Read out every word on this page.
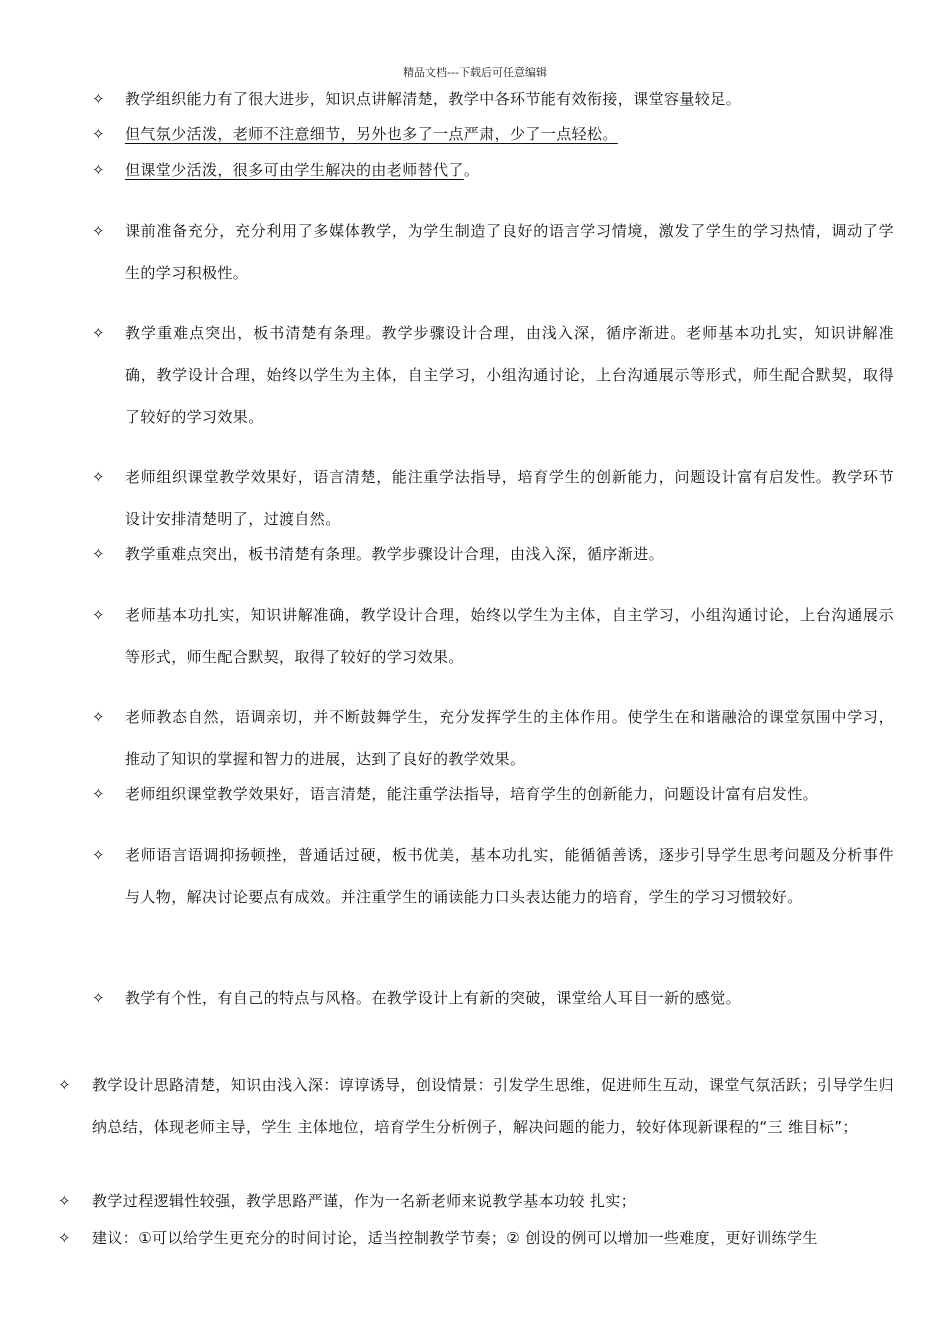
精品文档---下载后可任意编辑
✧ 教学组织能力有了很大进步，知识点讲解清楚，教学中各环节能有效衔接，课堂容量较足。

✧ 但气氛少活泼，老师不注意细节，另外也多了一点严肃，少了一点轻松。

✧ 但课堂少活泼，很多可由学生解决的由老师替代了。

✧ 课前准备充分，充分利用了多媒体教学，为学生制造了良好的语言学习情境，激发了学生的学习热情，调动了学生的学习积极性。

✧ 教学重难点突出，板书清楚有条理。教学步骤设计合理，由浅入深，循序渐进。老师基本功扎实，知识讲解准确，教学设计合理，始终以学生为主体，自主学习，小组沟通讨论，上台沟通展示等形式，师生配合默契，取得了较好的学习效果。

✧ 老师组织课堂教学效果好，语言清楚，能注重学法指导，培育学生的创新能力，问题设计富有启发性。教学环节设计安排清楚明了，过渡自然。

✧ 教学重难点突出，板书清楚有条理。教学步骤设计合理，由浅入深，循序渐进。

✧ 老师基本功扎实，知识讲解准确，教学设计合理，始终以学生为主体，自主学习，小组沟通讨论，上台沟通展示等形式，师生配合默契，取得了较好的学习效果。

✧ 老师教态自然，语调亲切，并不断鼓舞学生，充分发挥学生的主体作用。使学生在和谐融洽的课堂氛围中学习，推动了知识的掌握和智力的进展，达到了良好的教学效果。

✧ 老师组织课堂教学效果好，语言清楚，能注重学法指导，培育学生的创新能力，问题设计富有启发性。

✧ 老师语言语调抑扬顿挫，普通话过硬，板书优美，基本功扎实，能循循善诱，逐步引导学生思考问题及分析事件与人物，解决讨论要点有成效。并注重学生的诵读能力口头表达能力的培育，学生的学习习惯较好。

✧ 教学有个性，有自己的特点与风格。在教学设计上有新的突破，课堂给人耳目一新的感觉。

✧ 教学设计思路清楚，知识由浅入深：谆谆诱导，创设情景：引发学生思维，促进师生互动，课堂气氛活跃；引导学生归纳总结，体现老师主导，学生 主体地位，培育学生分析例子，解决问题的能力，较好体现新课程的“三 维目标”；

✧ 教学过程逻辑性较强，教学思路严谨，作为一名新老师来说教学基本功较 扎实；

✧ 建议：①可以给学生更充分的时间讨论，适当控制教学节奏；② 创设的例可以增加一些难度，更好训练学生
